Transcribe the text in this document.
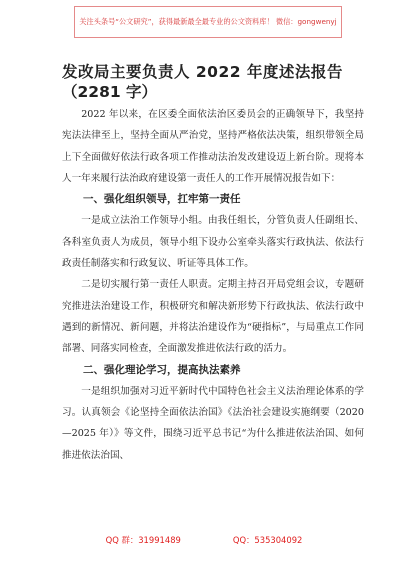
关注头条号“公文研究”，获得最新最全最专业的公文资料库！ 微信：gongwenyj
发改局主要负责人 2022 年度述法报告
（2281 字）

2022 年以来，在区委全面依法治区委员会的正确领导下，我坚持宪法法律至上，坚持全面从严治党，坚持严格依法决策，组织带领全局上下全面做好依法行政各项工作推动法治发改建设迈上新台阶。现将本人一年来履行法治政府建设第一责任人的工作开展情况报告如下：

一、强化组织领导，扛牢第一责任

一是成立法治工作领导小组。由我任组长，分管负责人任副组长、各科室负责人为成员，领导小组下设办公室牵头落实行政执法、依法行政责任制落实和行政复议、听证等具体工作。

二是切实履行第一责任人职责。定期主持召开局党组会议，专题研究推进法治建设工作，积极研究和解决新形势下行政执法、依法行政中遇到的新情况、新问题，并将法治建设作为“硬指标”，与局重点工作同部署、同落实同检查，全面激发推进依法行政的活力。

二、强化理论学习，提高执法素养

一是组织加强对习近平新时代中国特色社会主义法治理论体系的学习。认真领会《论坚持全面依法治国》《法治社会建设实施纲要（2020—2025 年）》等文件，围绕习近平总书记“为什么推进依法治国、如何推进依法治国、

QQ 群：31991489	QQ：535304092
